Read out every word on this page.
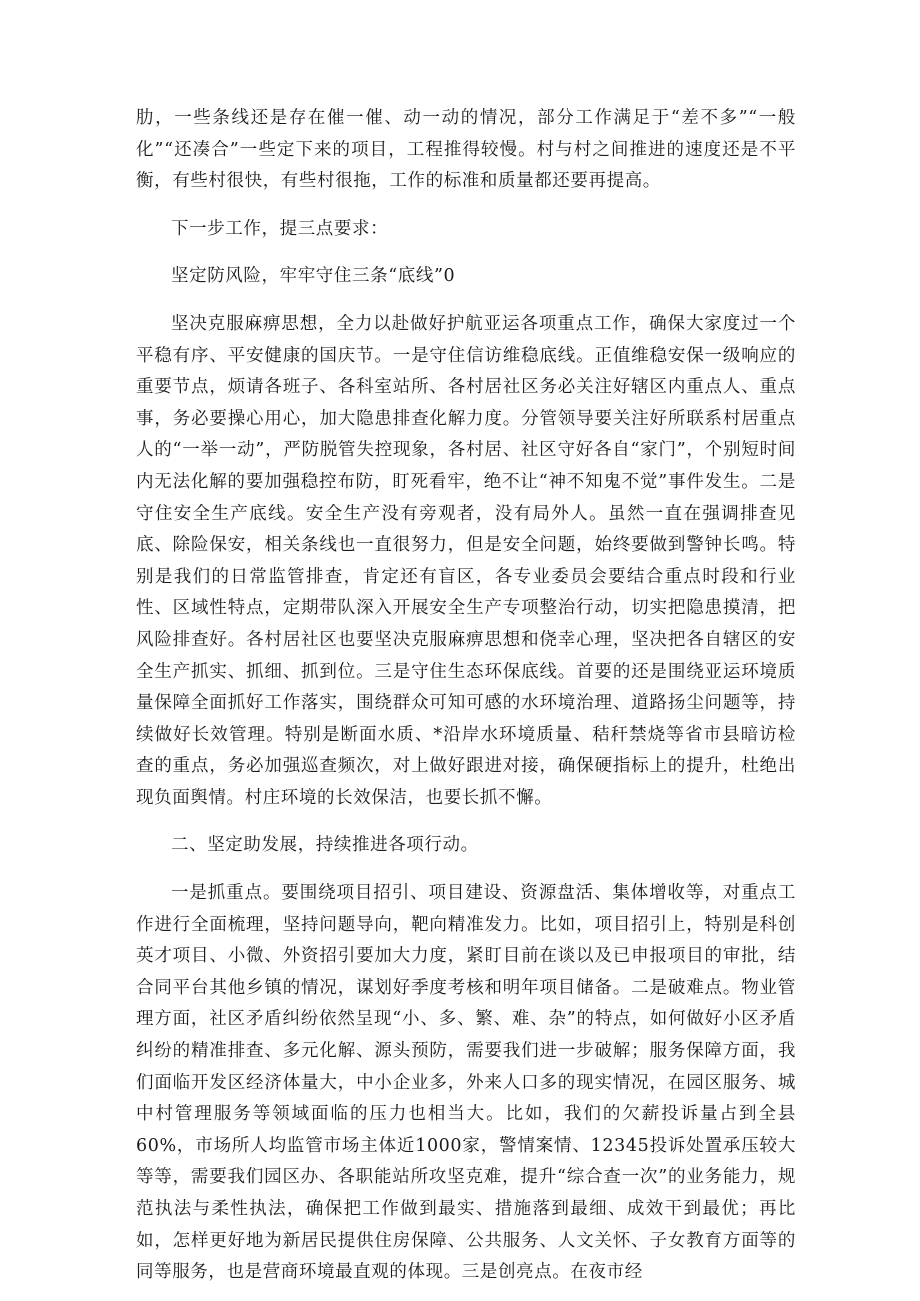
肋，一些条线还是存在催一催、动一动的情况，部分工作满足于“差不多”“一般化”“还凑合”一些定下来的项目，工程推得较慢。村与村之间推进的速度还是不平衡，有些村很快，有些村很拖，工作的标准和质量都还要再提高。

下一步工作，提三点要求：

坚定防风险，牢牢守住三条“底线”0

坚决克服麻痹思想，全力以赴做好护航亚运各项重点工作，确保大家度过一个平稳有序、平安健康的国庆节。一是守住信访维稳底线。正值维稳安保一级响应的重要节点，烦请各班子、各科室站所、各村居社区务必关注好辖区内重点人、重点事，务必要操心用心，加大隐患排查化解力度。分管领导要关注好所联系村居重点人的“一举一动”，严防脱管失控现象，各村居、社区守好各自“家门”，个别短时间内无法化解的要加强稳控布防，盯死看牢，绝不让“神不知鬼不觉”事件发生。二是守住安全生产底线。安全生产没有旁观者，没有局外人。虽然一直在强调排查见底、除险保安，相关条线也一直很努力，但是安全问题，始终要做到警钟长鸣。特别是我们的日常监管排查，肯定还有盲区，各专业委员会要结合重点时段和行业性、区域性特点，定期带队深入开展安全生产专项整治行动，切实把隐患摸清，把风险排查好。各村居社区也要坚决克服麻痹思想和侥幸心理，坚决把各自辖区的安全生产抓实、抓细、抓到位。三是守住生态环保底线。首要的还是围绕亚运环境质量保障全面抓好工作落实，围绕群众可知可感的水环境治理、道路扬尘问题等，持续做好长效管理。特别是断面水质、*沿岸水环境质量、秸秆禁烧等省市县暗访检查的重点，务必加强巡查频次，对上做好跟进对接，确保硬指标上的提升，杜绝出现负面舆情。村庄环境的长效保洁，也要长抓不懈。

二、坚定助发展，持续推进各项行动。

一是抓重点。要围绕项目招引、项目建设、资源盘活、集体增收等，对重点工作进行全面梳理，坚持问题导向，靶向精准发力。比如，项目招引上，特别是科创英才项目、小微、外资招引要加大力度，紧盯目前在谈以及已申报项目的审批，结合同平台其他乡镇的情况，谋划好季度考核和明年项目储备。二是破难点。物业管理方面，社区矛盾纠纷依然呈现“小、多、繁、难、杂”的特点，如何做好小区矛盾纠纷的精准排查、多元化解、源头预防，需要我们进一步破解；服务保障方面，我们面临开发区经济体量大，中小企业多，外来人口多的现实情况，在园区服务、城中村管理服务等领域面临的压力也相当大。比如，我们的欠薪投诉量占到全县60%，市场所人均监管市场主体近1000家，警情案情、12345投诉处置承压较大等等，需要我们园区办、各职能站所攻坚克难，提升“综合查一次”的业务能力，规范执法与柔性执法，确保把工作做到最实、措施落到最细、成效干到最优；再比如，怎样更好地为新居民提供住房保障、公共服务、人文关怀、子女教育方面等的同等服务，也是营商环境最直观的体现。三是创亮点。在夜市经
